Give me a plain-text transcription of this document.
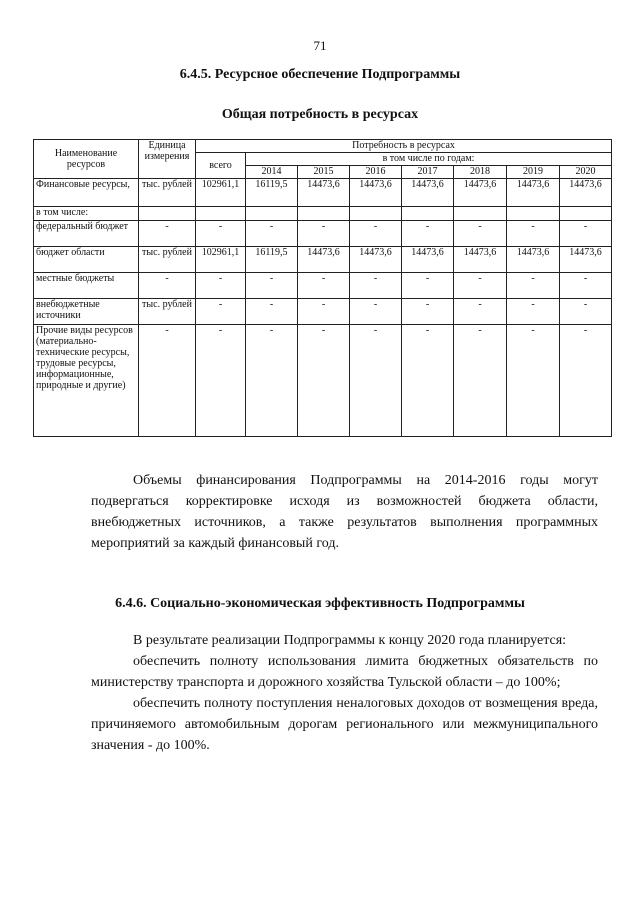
71
6.4.5. Ресурсное обеспечение Подпрограммы
Общая потребность в ресурсах
Наименование ресурсов	Единица измерения	Потребность в ресурсах							
		всего	в том числе по годам:						
			2014	2015	2016	2017	2018	2019	2020
Финансовые ресурсы,	тыс. рублей	102961,1	16119,5	14473,6	14473,6	14473,6	14473,6	14473,6	14473,6
в том числе:									
федеральный бюджет	-	-	-	-	-	-	-	-	-
бюджет области	тыс. рублей	102961,1	16119,5	14473,6	14473,6	14473,6	14473,6	14473,6	14473,6
местные бюджеты	-	-	-	-	-	-	-	-	-
внебюджетные источники	тыс. рублей	-	-	-	-	-	-	-	-
Прочие виды ресурсов (материально-технические ресурсы, трудовые ресурсы, информационные, природные и другие)	-	-	-	-	-	-	-	-	-
Объемы финансирования Подпрограммы на 2014-2016 годы могут подвергаться корректировке исходя из возможностей бюджета области, внебюджетных источников, а также результатов выполнения программных мероприятий за каждый финансовый год.
6.4.6. Социально-экономическая эффективность Подпрограммы
В результате реализации Подпрограммы к концу 2020 года планируется:
обеспечить полноту использования лимита бюджетных обязательств по министерству транспорта и дорожного хозяйства Тульской области – до 100%;
обеспечить полноту поступления неналоговых доходов от возмещения вреда, причиняемого автомобильным дорогам регионального или межмуниципального значения - до 100%.
